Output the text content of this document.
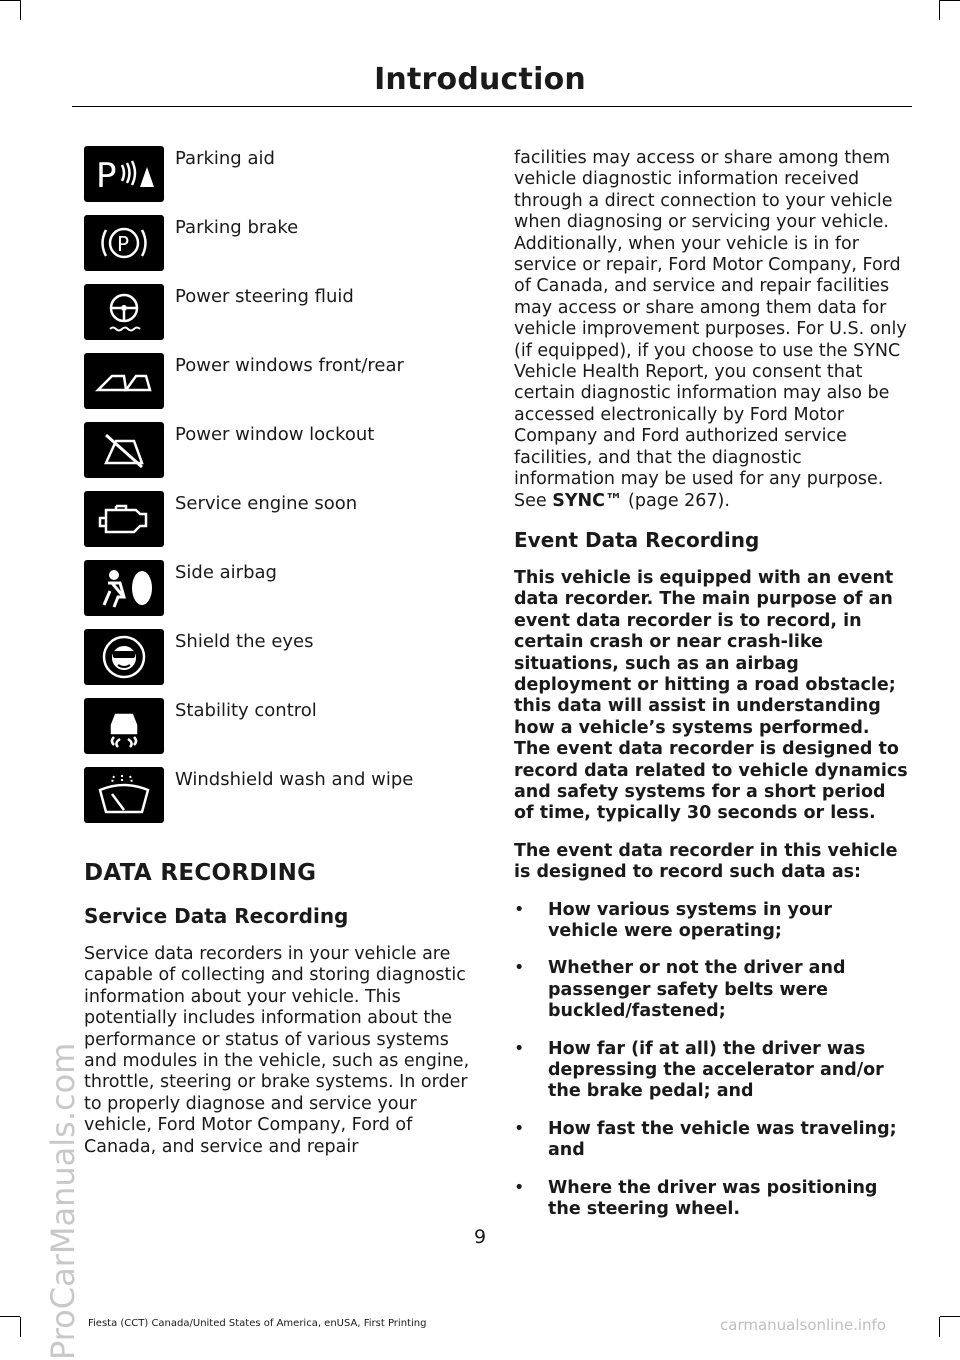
Introduction
ProCarManuals.com
P	Parking aid
P
Parking brake
Power steering fluid
Power windows front/rear
Power window lockout
Service engine soon
Side airbag
Shield the eyes
Stability control
Windshield wash and wipe
DATA RECORDING
Service Data Recording

Service data recorders in your vehicle are capable of collecting and storing diagnostic information about your vehicle. This potentially includes information about the performance or status of various systems and modules in the vehicle, such as engine, throttle, steering or brake systems. In order to properly diagnose and service your vehicle, Ford Motor Company, Ford of Canada, and service and repair

facilities may access or share among them vehicle diagnostic information received through a direct connection to your vehicle when diagnosing or servicing your vehicle. Additionally, when your vehicle is in for service or repair, Ford Motor Company, Ford of Canada, and service and repair facilities may access or share among them data for vehicle improvement purposes. For U.S. only (if equipped), if you choose to use the SYNC Vehicle Health Report, you consent that certain diagnostic information may also be accessed electronically by Ford Motor Company and Ford authorized service facilities, and that the diagnostic information may be used for any purpose. See SYNC™ (page 267).

Event Data Recording

This vehicle is equipped with an event data recorder. The main purpose of an event data recorder is to record, in certain crash or near crash-like situations, such as an airbag deployment or hitting a road obstacle; this data will assist in understanding how a vehicle’s systems performed. The event data recorder is designed to record data related to vehicle dynamics and safety systems for a short period of time, typically 30 seconds or less.

The event data recorder in this vehicle is designed to record such data as:

• How various systems in your vehicle were operating;
• Whether or not the driver and passenger safety belts were buckled/fastened;
• How far (if at all) the driver was depressing the accelerator and/or the brake pedal; and
• How fast the vehicle was traveling; and
• Where the driver was positioning the steering wheel.
9
Fiesta (CCT) Canada/United States of America, enUSA, First Printing	carmanualsonline.info
